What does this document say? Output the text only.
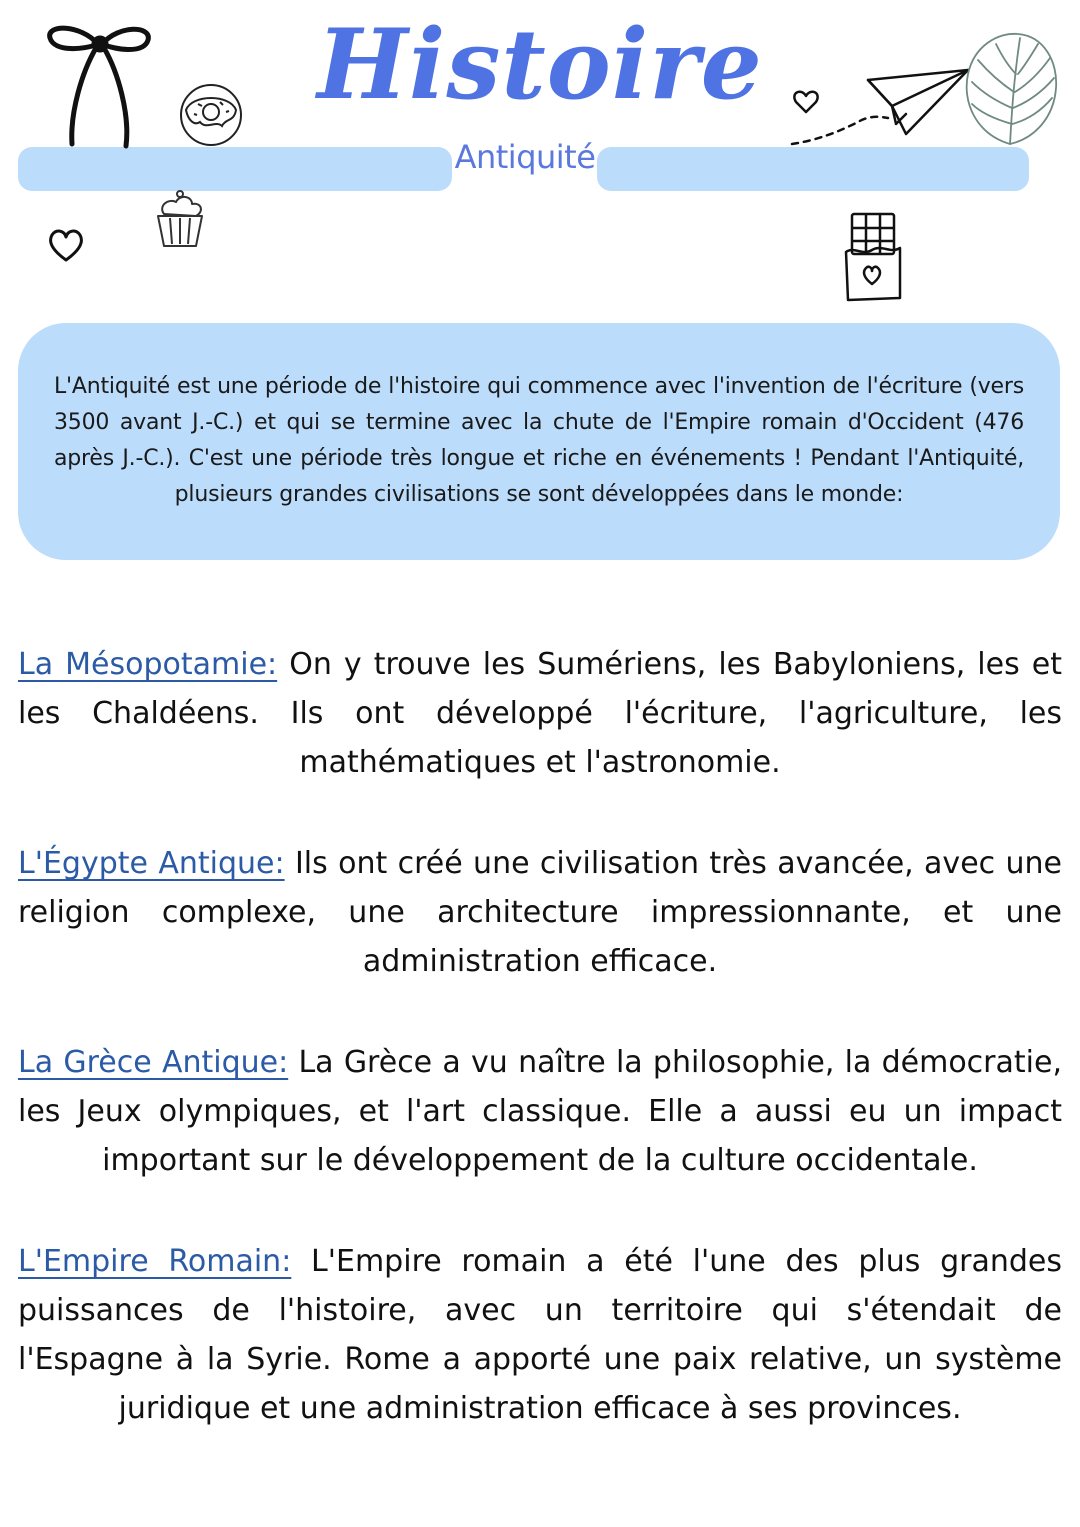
Histoire
Antiquité

L'Antiquité est une période de l'histoire qui commence avec l'invention de l'écriture (vers 3500 avant J.-C.) et qui se termine avec la chute de l'Empire romain d'Occident (476 après J.-C.). C'est une période très longue et riche en événements ! Pendant l'Antiquité, plusieurs grandes civilisations se sont développées dans le monde:

La Mésopotamie: On y trouve les Sumériens, les Babyloniens, les et les Chaldéens. Ils ont développé l'écriture, l'agriculture, les mathématiques et l'astronomie.

L'Égypte Antique: Ils ont créé une civilisation très avancée, avec une religion complexe, une architecture impressionnante, et une administration efficace.

La Grèce Antique: La Grèce a vu naître la philosophie, la démocratie, les Jeux olympiques, et l'art classique. Elle a aussi eu un impact important sur le développement de la culture occidentale.

L'Empire Romain: L'Empire romain a été l'une des plus grandes puissances de l'histoire, avec un territoire qui s'étendait de l'Espagne à la Syrie. Rome a apporté une paix relative, un système juridique et une administration efficace à ses provinces.
